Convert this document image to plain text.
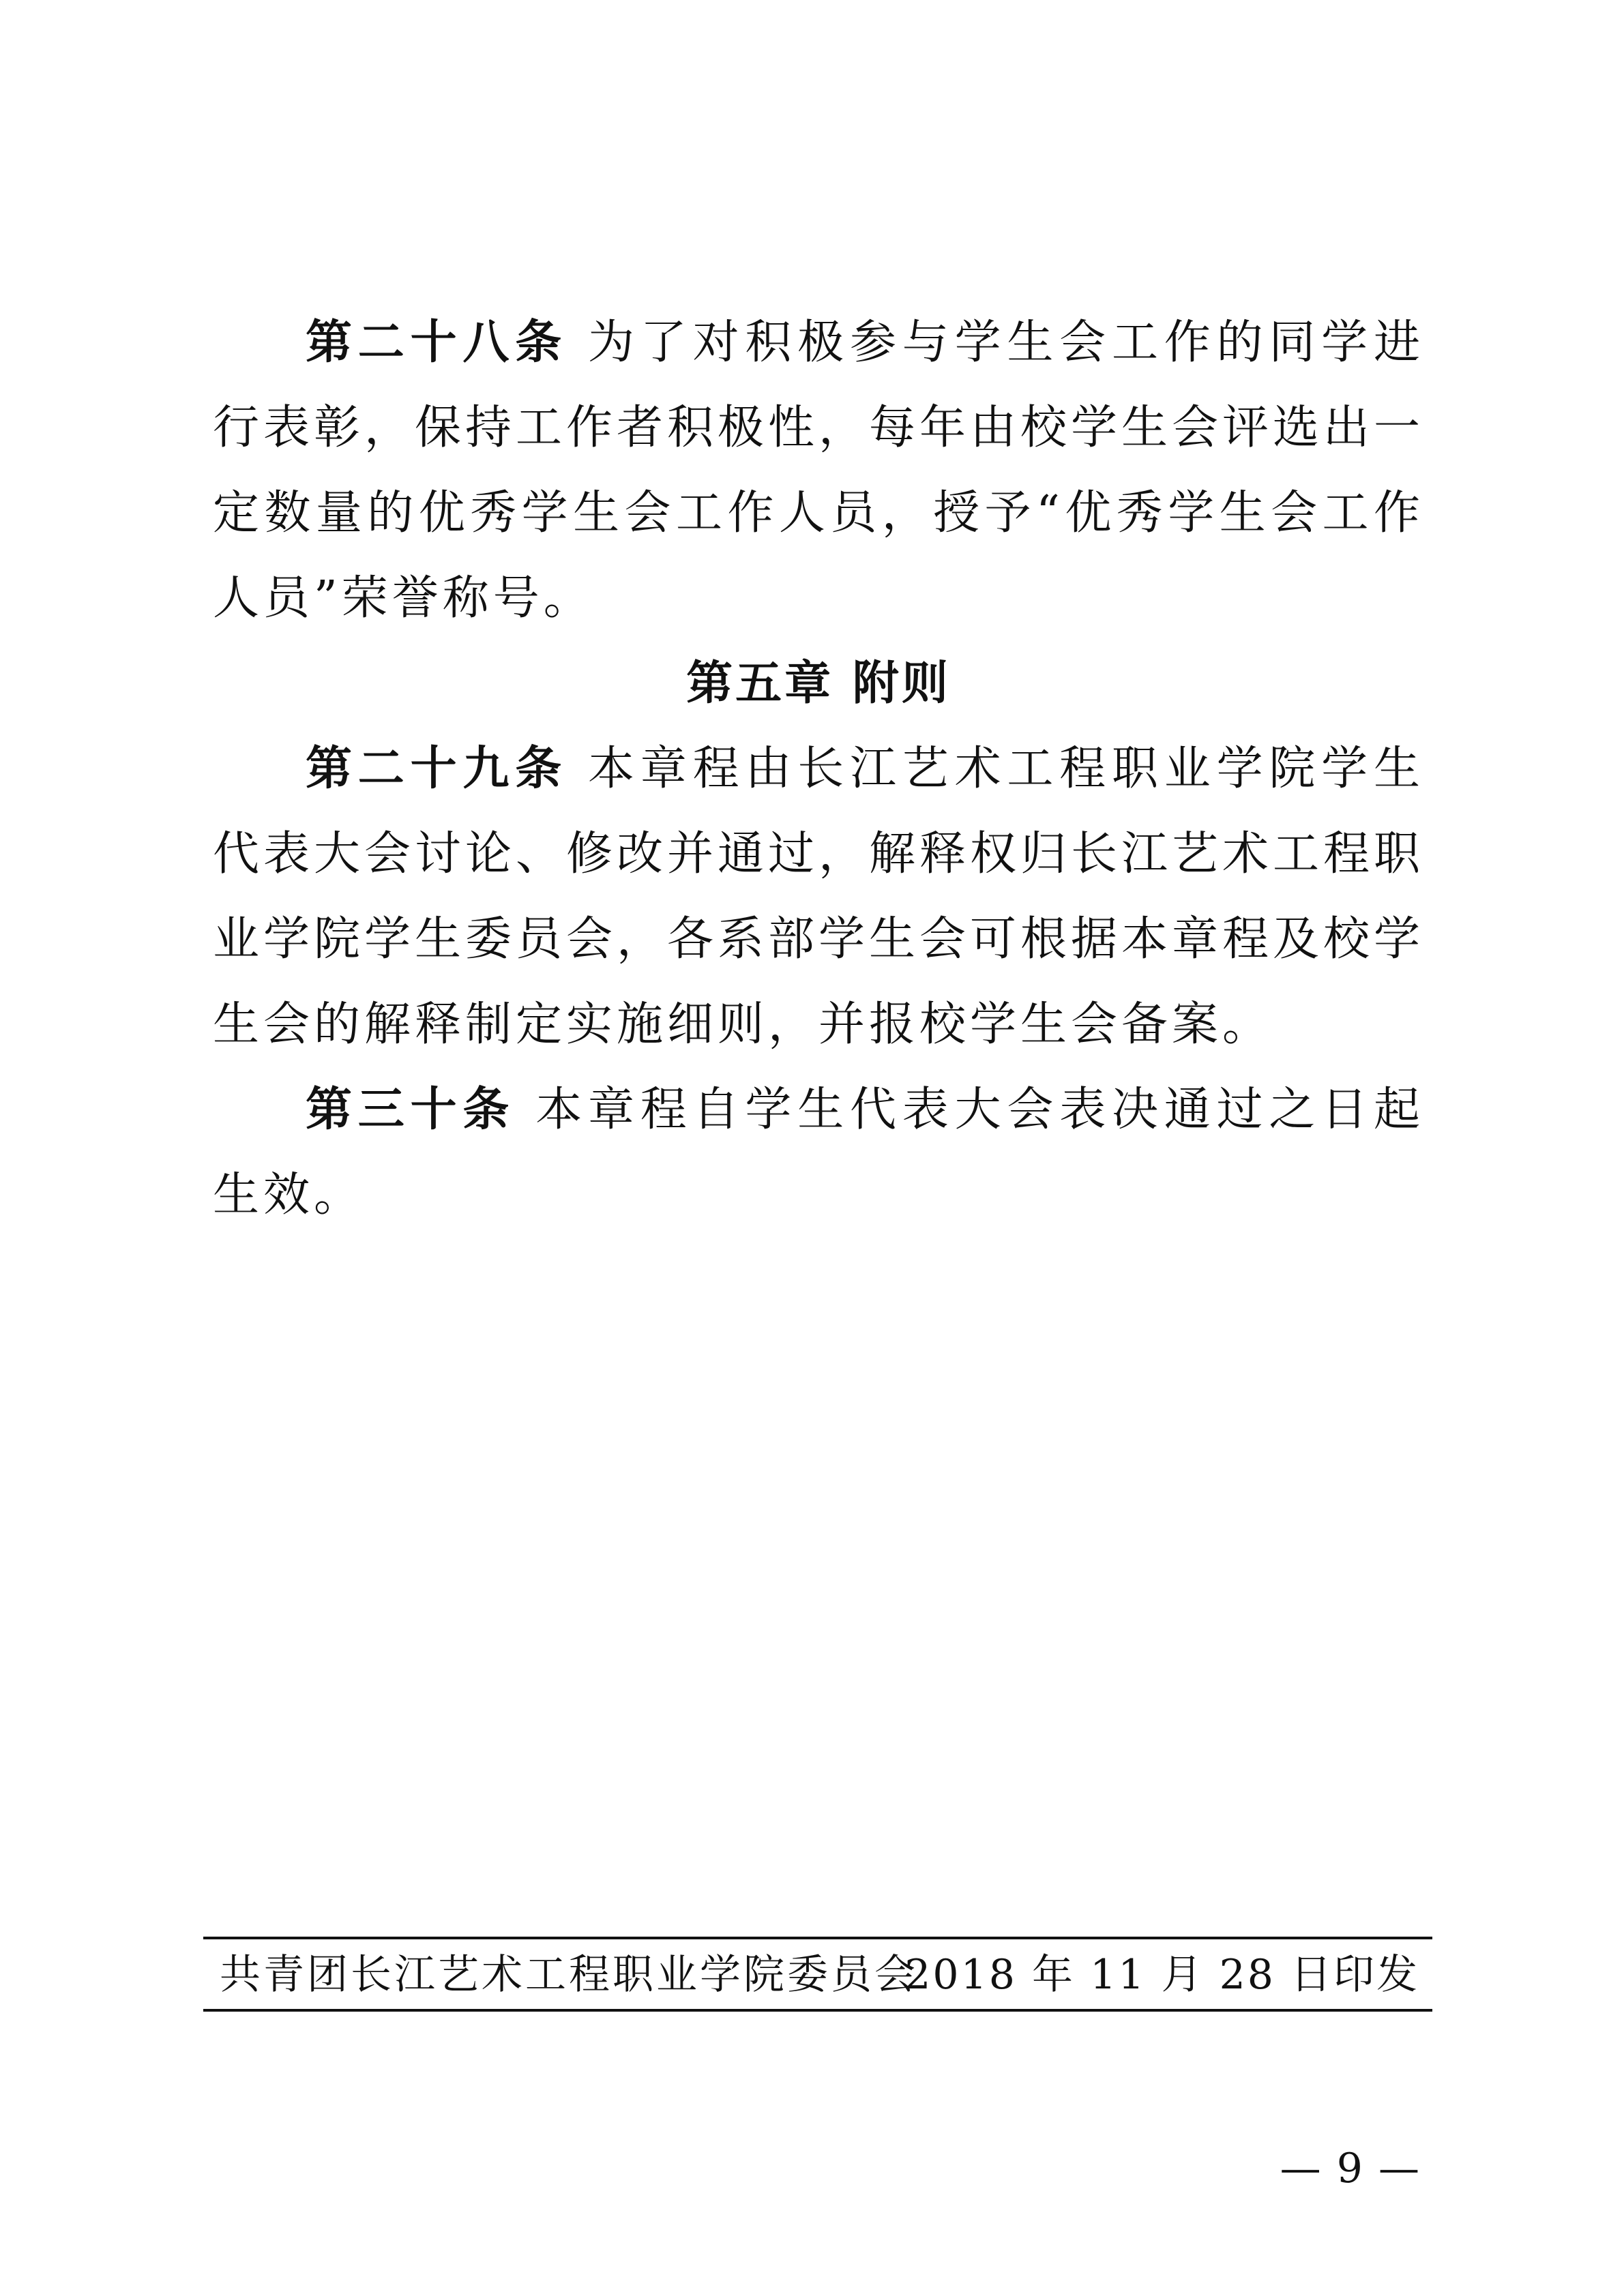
第二十八条 为了对积极参与学生会工作的同学进行表彰，保持工作者积极性，每年由校学生会评选出一定数量的优秀学生会工作人员，授予“优秀学生会工作人员”荣誉称号。

第五章 附则

第二十九条 本章程由长江艺术工程职业学院学生代表大会讨论、修改并通过，解释权归长江艺术工程职业学院学生委员会，各系部学生会可根据本章程及校学生会的解释制定实施细则，并报校学生会备案。

第三十条 本章程自学生代表大会表决通过之日起生效。

共青团长江艺术工程职业学院委员会
2018 年 11 月 28 日印发
— 9 —
